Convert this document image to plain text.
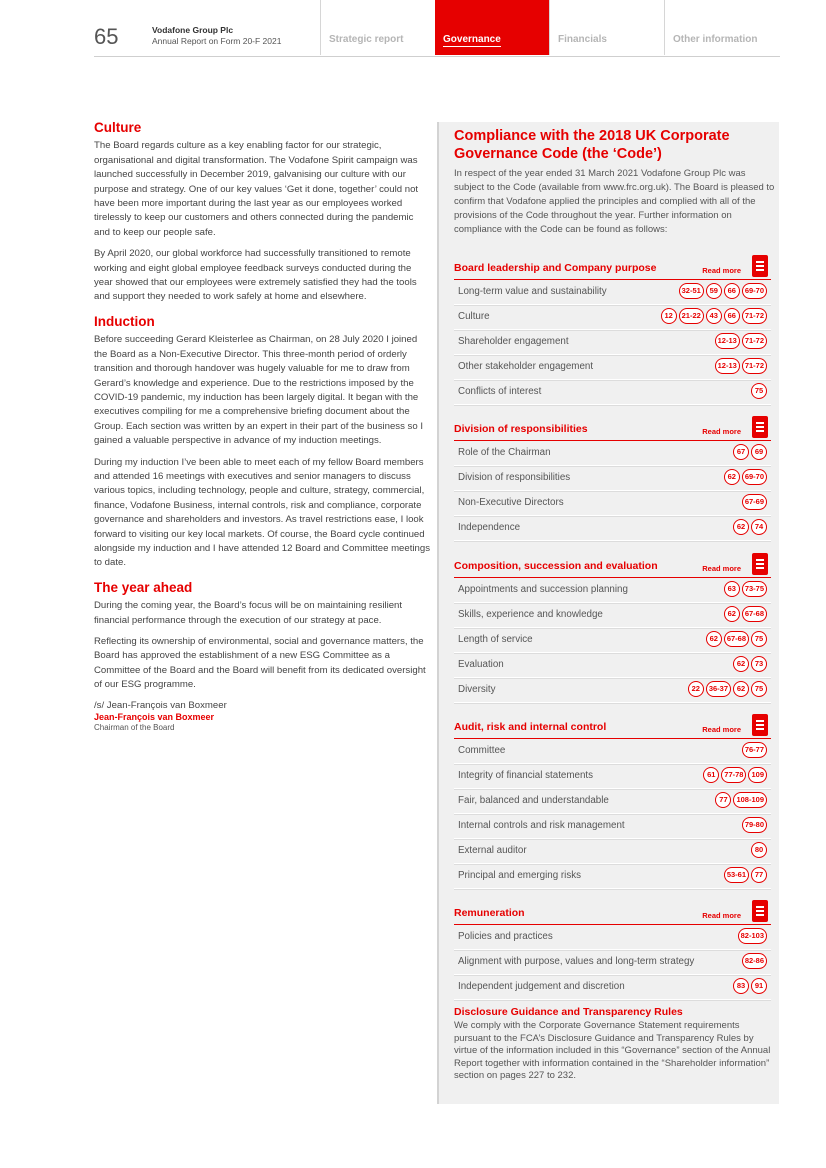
65	Vodafone Group Plc
Annual Report on Form 20-F 2021	Strategic report	Governance	Financials	Other information
Culture

The Board regards culture as a key enabling factor for our strategic, organisational and digital transformation. The Vodafone Spirit campaign was launched successfully in December 2019, galvanising our culture with our purpose and strategy. One of our key values ‘Get it done, together’ could not have been more important during the last year as our employees worked tirelessly to keep our customers and others connected during the pandemic and to keep our people safe.

By April 2020, our global workforce had successfully transitioned to remote working and eight global employee feedback surveys conducted during the year showed that our employees were extremely satisfied they had the tools and support they needed to work safely at home and elsewhere.

Induction

Before succeeding Gerard Kleisterlee as Chairman, on 28 July 2020 I joined the Board as a Non-Executive Director. This three-month period of orderly transition and thorough handover was hugely valuable for me to draw from Gerard’s knowledge and experience. Due to the restrictions imposed by the COVID-19 pandemic, my induction has been largely digital. It began with the executives compiling for me a comprehensive briefing document about the Group. Each section was written by an expert in their part of the business so I gained a valuable perspective in advance of my induction meetings.

During my induction I’ve been able to meet each of my fellow Board members and attended 16 meetings with executives and senior managers to discuss various topics, including technology, people and culture, strategy, commercial, finance, Vodafone Business, internal controls, risk and compliance, corporate governance and shareholders and investors. As travel restrictions ease, I look forward to visiting our key local markets. Of course, the Board cycle continued alongside my induction and I have attended 12 Board and Committee meetings to date.

The year ahead

During the coming year, the Board’s focus will be on maintaining resilient financial performance through the execution of our strategy at pace.

Reflecting its ownership of environmental, social and governance matters, the Board has approved the establishment of a new ESG Committee as a Committee of the Board and the Board will benefit from its dedicated oversight of our ESG programme.

/s/ Jean-François van Boxmeer
Jean-François van Boxmeer
Chairman of the Board
Compliance with the 2018 UK Corporate Governance Code (the ‘Code’)

In respect of the year ended 31 March 2021 Vodafone Group Plc was subject to the Code (available from www.frc.org.uk). The Board is pleased to confirm that Vodafone applied the principles and complied with all of the provisions of the Code throughout the year. Further information on compliance with the Code can be found as follows:

Board leadership and Company purpose	Read more
Long-term value and sustainability	32-51	59	66	69-70
Culture	12	21-22	43	66	71-72
Shareholder engagement	12-13	71-72
Other stakeholder engagement	12-13	71-72
Conflicts of interest	75
Division of responsibilities	Read more
Role of the Chairman	67	69
Division of responsibilities	62	69-70
Non-Executive Directors	67-69
Independence	62	74
Composition, succession and evaluation	Read more
Appointments and succession planning	63	73-75
Skills, experience and knowledge	62	67-68
Length of service	62	67-68	75
Evaluation	62	73
Diversity	22	36-37	62	75
Audit, risk and internal control	Read more
Committee	76-77
Integrity of financial statements	61	77-78	109
Fair, balanced and understandable	77	108-109
Internal controls and risk management	79-80
External auditor	80
Principal and emerging risks	53-61	77
Remuneration	Read more
Policies and practices	82-103
Alignment with purpose, values and long-term strategy	82-86
Independent judgement and discretion	83	91
Disclosure Guidance and Transparency Rules

We comply with the Corporate Governance Statement requirements pursuant to the FCA’s Disclosure Guidance and Transparency Rules by virtue of the information included in this “Governance” section of the Annual Report together with information contained in the “Shareholder information” section on pages 227 to 232.
